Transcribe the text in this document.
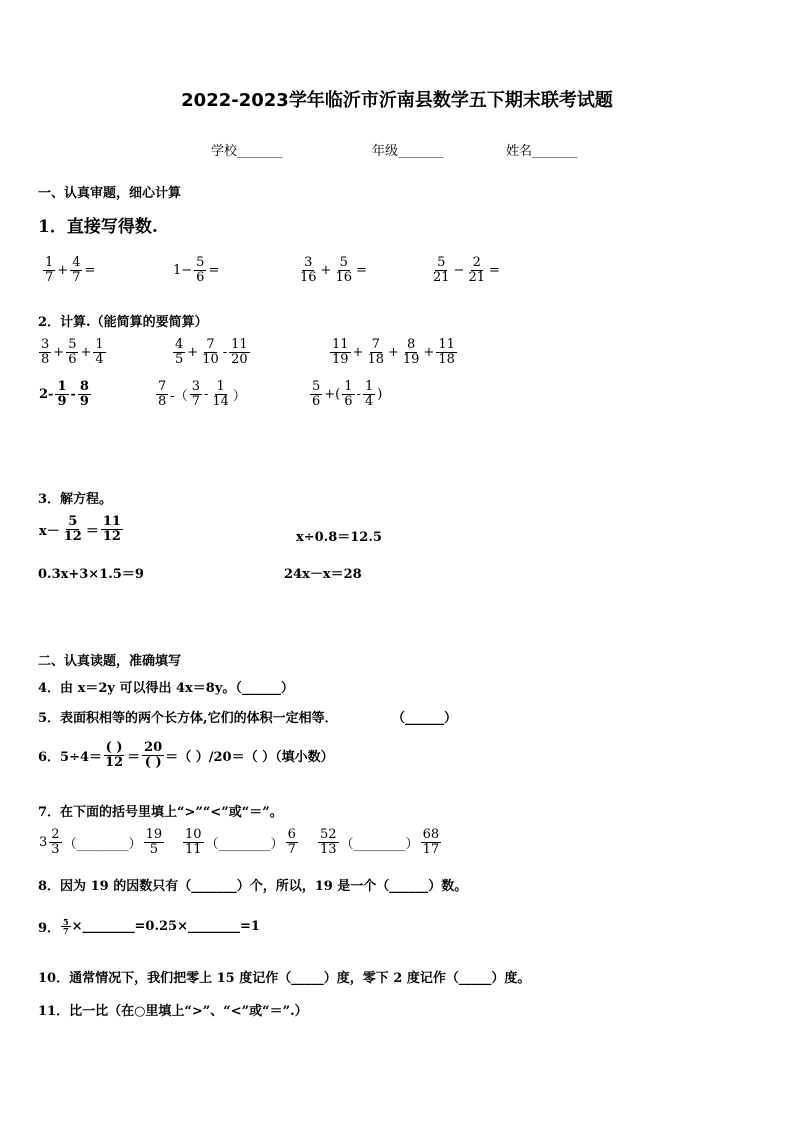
2022-2023学年临沂市沂南县数学五下期末联考试题
学校_______	年级_______	姓名_______
一、认真审题，细心计算
1．直接写得数.
$\frac{1}{7} + \frac{4}{7}$ =	$1- \frac{5}{6}$ =	$\frac{3}{16} + \frac{5}{16}$ =	$\frac{5}{21} - \frac{2}{21}$ =
2．计算.（能简算的要简算）
$\frac{3}{8} + \frac{5}{6} + \frac{1}{4}$	$\frac{4}{5} + \frac{7}{10} - \frac{11}{20}$	$\frac{11}{19} + \frac{7}{18} + \frac{8}{19} + \frac{11}{18}$
$2- \frac{1}{9} - \frac{8}{9}$	$\frac{7}{8}$ -（ $\frac{3}{7} - \frac{1}{14}$ ）	$\frac{5}{6}$ +( $\frac{1}{6} - \frac{1}{4}$ )
3．解方程。
$x- \frac{5}{12} = \frac{11}{12}$	x÷0.8＝12.5
0.3x+3×1.5＝9	24x－x＝28
二、认真读题，准确填写
4．由 x＝2y 可以得出 4x＝8y。（______）
5．表面积相等的两个长方体,它们的体积一定相等．	（______）
6．$5\div 4= \frac{( )}{12} = \frac{20}{( )}$ ＝（ ）/20＝（ ）（填小数）
7．在下面的括号里填上“>”“<”或“＝”。
$3 \frac{2}{3}$ （________） $\frac{19}{5} \frac{10}{11}$ （________） $\frac{6}{7} \frac{52}{13}$ （________） $\frac{68}{17}$
8．因为 19 的因数只有（_______）个，所以，19 是一个（______）数。
9． $\frac{5}{7}$ ×________=0.25×________=1
10．通常情况下，我们把零上 15 度记作（_____）度，零下 2 度记作（_____）度。
11．比一比（在○里填上“>”、“<”或“＝”.）
